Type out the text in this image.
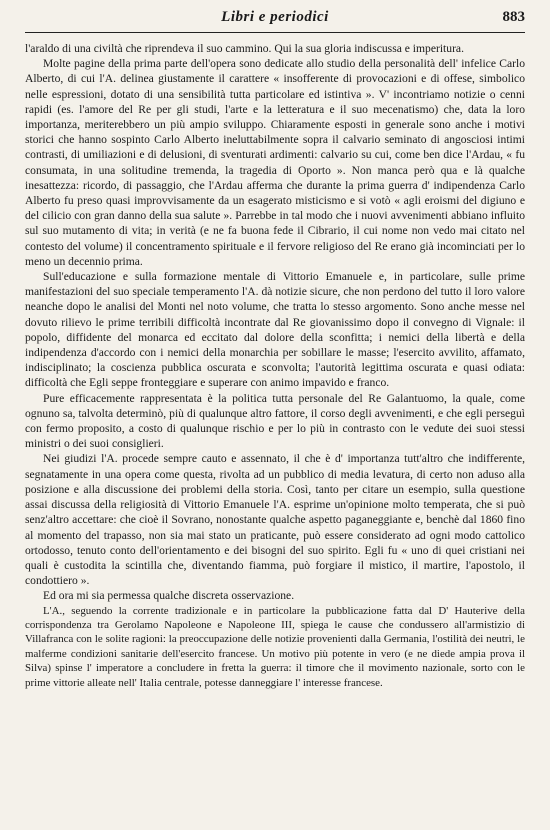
Libri e periodici	883

l'araldo di una civiltà che riprendeva il suo cammino. Qui la sua gloria indiscussa e imperitura.

Molte pagine della prima parte dell'opera sono dedicate allo studio della personalità dell' infelice Carlo Alberto, di cui l'A. delinea giustamente il carattere « insofferente di provocazioni e di offese, simbolico nelle espressioni, dotato di una sensibilità tutta particolare ed istintiva ». V' incontriamo notizie o cenni rapidi (es. l'amore del Re per gli studi, l'arte e la letteratura e il suo mecenatismo) che, data la loro importanza, meriterebbero un più ampio sviluppo. Chiaramente esposti in generale sono anche i motivi storici che hanno sospinto Carlo Alberto ineluttabilmente sopra il calvario seminato di angosciosi intimi contrasti, di umiliazioni e di delusioni, di sventurati ardimenti: calvario su cui, come ben dice l'Ardau, « fu consumata, in una solitudine tremenda, la tragedia di Oporto ». Non manca però qua e là qualche inesattezza: ricordo, di passaggio, che l'Ardau afferma che durante la prima guerra d' indipendenza Carlo Alberto fu preso quasi improvvisamente da un esagerato misticismo e si votò « agli eroismi del digiuno e del cilicio con gran danno della sua salute ». Parrebbe in tal modo che i nuovi avvenimenti abbiano influito sul suo mutamento di vita; in verità (e ne fa buona fede il Cibrario, il cui nome non vedo mai citato nel contesto del volume) il concentramento spirituale e il fervore religioso del Re erano già incominciati per lo meno un decennio prima.

Sull'educazione e sulla formazione mentale di Vittorio Emanuele e, in particolare, sulle prime manifestazioni del suo speciale temperamento l'A. dà notizie sicure, che non perdono del tutto il loro valore neanche dopo le analisi del Monti nel noto volume, che tratta lo stesso argomento. Sono anche messe nel dovuto rilievo le prime terribili difficoltà incontrate dal Re giovanissimo dopo il convegno di Vignale: il popolo, diffidente del monarca ed eccitato dal dolore della sconfitta; i nemici della libertà e della indipendenza d'accordo con i nemici della monarchia per sobillare le masse; l'esercito avvilito, affamato, indisciplinato; la coscienza pubblica oscurata e sconvolta; l'autorità legittima oscurata e quasi odiata: difficoltà che Egli seppe fronteggiare e superare con animo impavido e franco.

Pure efficacemente rappresentata è la politica tutta personale del Re Galantuomo, la quale, come ognuno sa, talvolta determinò, più di qualunque altro fattore, il corso degli avvenimenti, e che egli perseguì con fermo proposito, a costo di qualunque rischio e per lo più in contrasto con le vedute dei suoi stessi ministri o dei suoi consiglieri.

Nei giudizi l'A. procede sempre cauto e assennato, il che è d' importanza tutt'altro che indifferente, segnatamente in una opera come questa, rivolta ad un pubblico di media levatura, di certo non aduso alla posizione e alla discussione dei problemi della storia. Così, tanto per citare un esempio, sulla questione assai discussa della religiosità di Vittorio Emanuele l'A. esprime un'opinione molto temperata, che si può senz'altro accettare: che cioè il Sovrano, nonostante qualche aspetto paganeggiante e, benchè dal 1860 fino al momento del trapasso, non sia mai stato un praticante, può essere considerato ad ogni modo cattolico ortodosso, tenuto conto dell'orientamento e dei bisogni del suo spirito. Egli fu « uno di quei cristiani nei quali è custodita la scintilla che, diventando fiamma, può forgiare il mistico, il martire, l'apostolo, il condottiero ».

Ed ora mi sia permessa qualche discreta osservazione.

L'A., seguendo la corrente tradizionale e in particolare la pubblicazione fatta dal D' Hauterive della corrispondenza tra Gerolamo Napoleone e Napoleone III, spiega le cause che condussero all'armistizio di Villafranca con le solite ragioni: la preoccupazione delle notizie provenienti dalla Germania, l'ostilità dei neutri, le malferme condizioni sanitarie dell'esercito francese. Un motivo più potente in vero (e ne diede ampia prova il Silva) spinse l' imperatore a concludere in fretta la guerra: il timore che il movimento nazionale, sorto con le prime vittorie alleate nell' Italia centrale, potesse danneggiare l' interesse francese.
